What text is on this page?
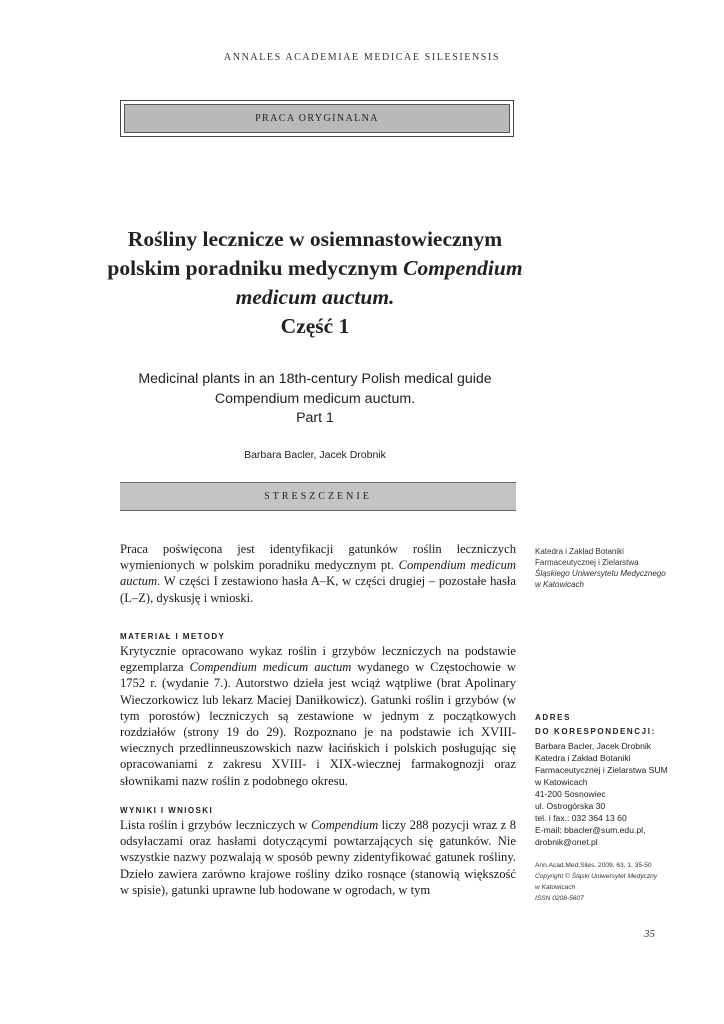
ANNALES ACADEMIAE MEDICAE SILESIENSIS
PRACA ORYGINALNA
Rośliny lecznicze w osiemnastowiecznym
polskim poradniku medycznym Compendium
medicum auctum.
Część 1
Medicinal plants in an 18th-century Polish medical guide
Compendium medicum auctum.
Part 1
Barbara Bacler, Jacek Drobnik
STRESZCZENIE
Praca poświęcona jest identyfikacji gatunków roślin leczniczych wymienionych w polskim poradniku medycznym pt. Compendium medicum auctum. W części I zestawiono hasła A–K, w części drugiej – pozostałe hasła (L–Z), dyskusję i wnioski.
MATERIAŁ I METODY
Krytycznie opracowano wykaz roślin i grzybów leczniczych na podstawie egzemplarza Compendium medicum auctum wydanego w Częstochowie w 1752 r. (wydanie 7.). Autorstwo dzieła jest wciąż wątpliwe (brat Apolinary Wieczorkowicz lub lekarz Maciej Daniłkowicz). Gatunki roślin i grzybów (w tym porostów) leczniczych są zestawione w jednym z początkowych rozdziałów (strony 19 do 29). Rozpoznano je na podstawie ich XVIII-wiecznych przedlinneuszowskich nazw łacińskich i polskich posługując się opracowaniami z zakresu XVIII- i XIX-wiecznej farmakognozji oraz słownikami nazw roślin z podobnego okresu.
WYNIKI I WNIOSKI
Lista roślin i grzybów leczniczych w Compendium liczy 288 pozycji wraz z 8 odsyłaczami oraz hasłami dotyczącymi powtarzających się gatunków. Nie wszystkie nazwy pozwalają w sposób pewny zidentyfikować gatunek rośliny. Dzieło zawiera zarówno krajowe rośliny dziko rosnące (stanowią większość w spisie), gatunki uprawne lub hodowane w ogrodach, w tym
Katedra i Zakład Botaniki
Farmaceutycznej i Zielarstwa
Śląskiego Uniwersytetu Medycznego
w Katowicach
ADRES
DO KORESPONDENCJI:
Barbara Bacler, Jacek Drobnik
Katedra i Zakład Botaniki
Farmaceutycznej i Zielarstwa SUM
w Katowicach
41-200 Sosnowiec
ul. Ostrogórska 30
tel. i fax.: 032 364 13 60
E-mail: bbacler@sum.edu.pl,
drobnik@onet.pl
Ann.Acad.Med.Siles. 2009, 63, 1, 35-50
Copyright © Śląski Uniwersytet Medyczny
w Katowicach
ISSN 0208-5607
35
